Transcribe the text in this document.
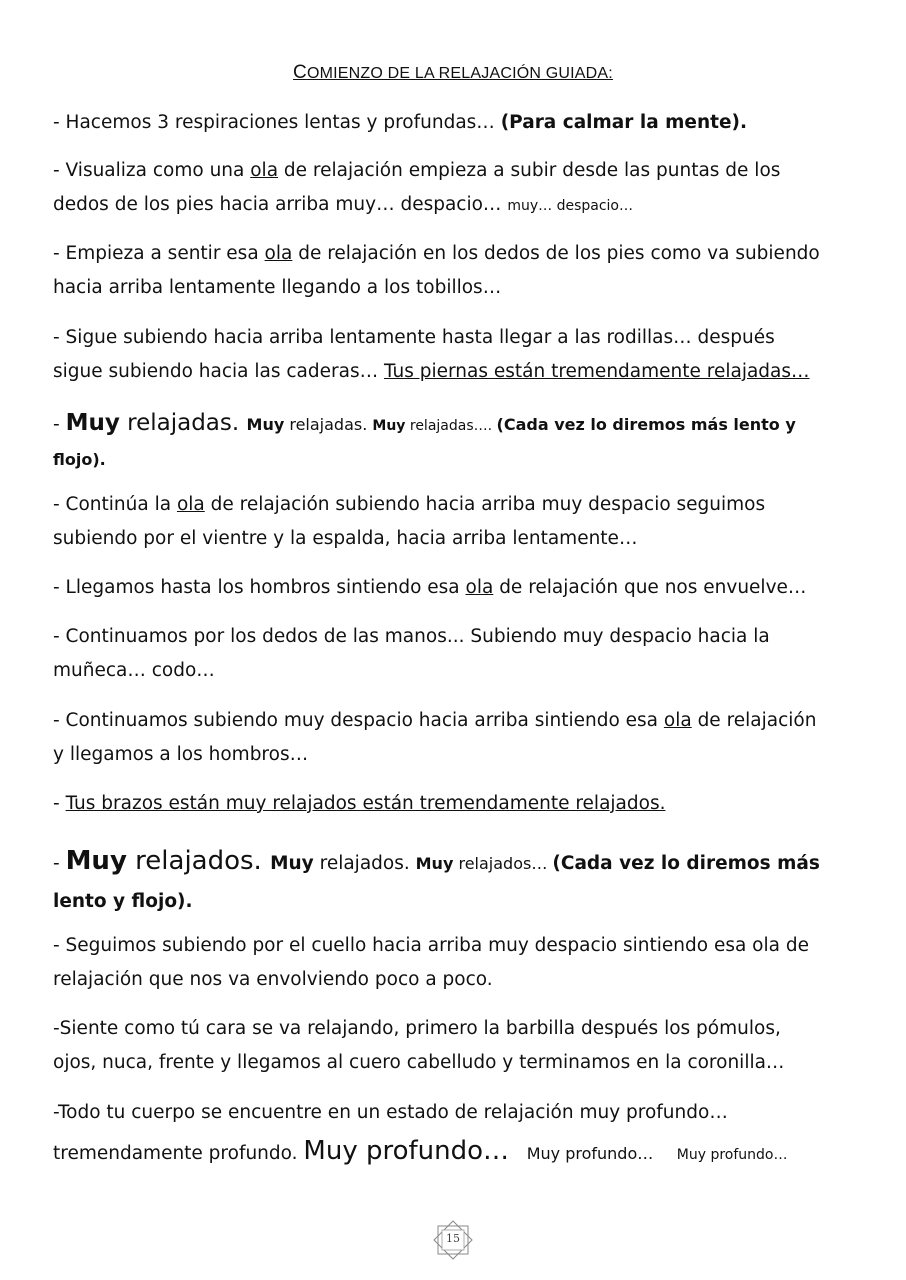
COMIENZO DE LA RELAJACIÓN GUIADA:
- Hacemos 3 respiraciones lentas y profundas… (Para calmar la mente).
- Visualiza como una ola de relajación empieza a subir desde las puntas de los
dedos de los pies hacia arriba muy… despacio… muy… despacio…
- Empieza a sentir esa ola de relajación en los dedos de los pies como va subiendo
hacia arriba lentamente llegando a los tobillos…
- Sigue subiendo hacia arriba lentamente hasta llegar a las rodillas… después
sigue subiendo hacia las caderas… Tus piernas están tremendamente relajadas…
- Muy relajadas. Muy relajadas. Muy relajadas…. (Cada vez lo diremos más lento y
flojo).
- Continúa la ola de relajación subiendo hacia arriba muy despacio seguimos
subiendo por el vientre y la espalda, hacia arriba lentamente…
- Llegamos hasta los hombros sintiendo esa ola de relajación que nos envuelve…
- Continuamos por los dedos de las manos... Subiendo muy despacio hacia la
muñeca… codo…
- Continuamos subiendo muy despacio hacia arriba sintiendo esa ola de relajación
y llegamos a los hombros…
- Tus brazos están muy relajados están tremendamente relajados.
- Muy relajados. Muy relajados. Muy relajados… (Cada vez lo diremos más
lento y flojo).
- Seguimos subiendo por el cuello hacia arriba muy despacio sintiendo esa ola de
relajación que nos va envolviendo poco a poco.
-Siente como tú cara se va relajando, primero la barbilla después los pómulos,
ojos, nuca, frente y llegamos al cuero cabelludo y terminamos en la coronilla…
-Todo tu cuerpo se encuentre en un estado de relajación muy profundo…
tremendamente profundo. Muy profundo… Muy profundo… Muy profundo…
15
